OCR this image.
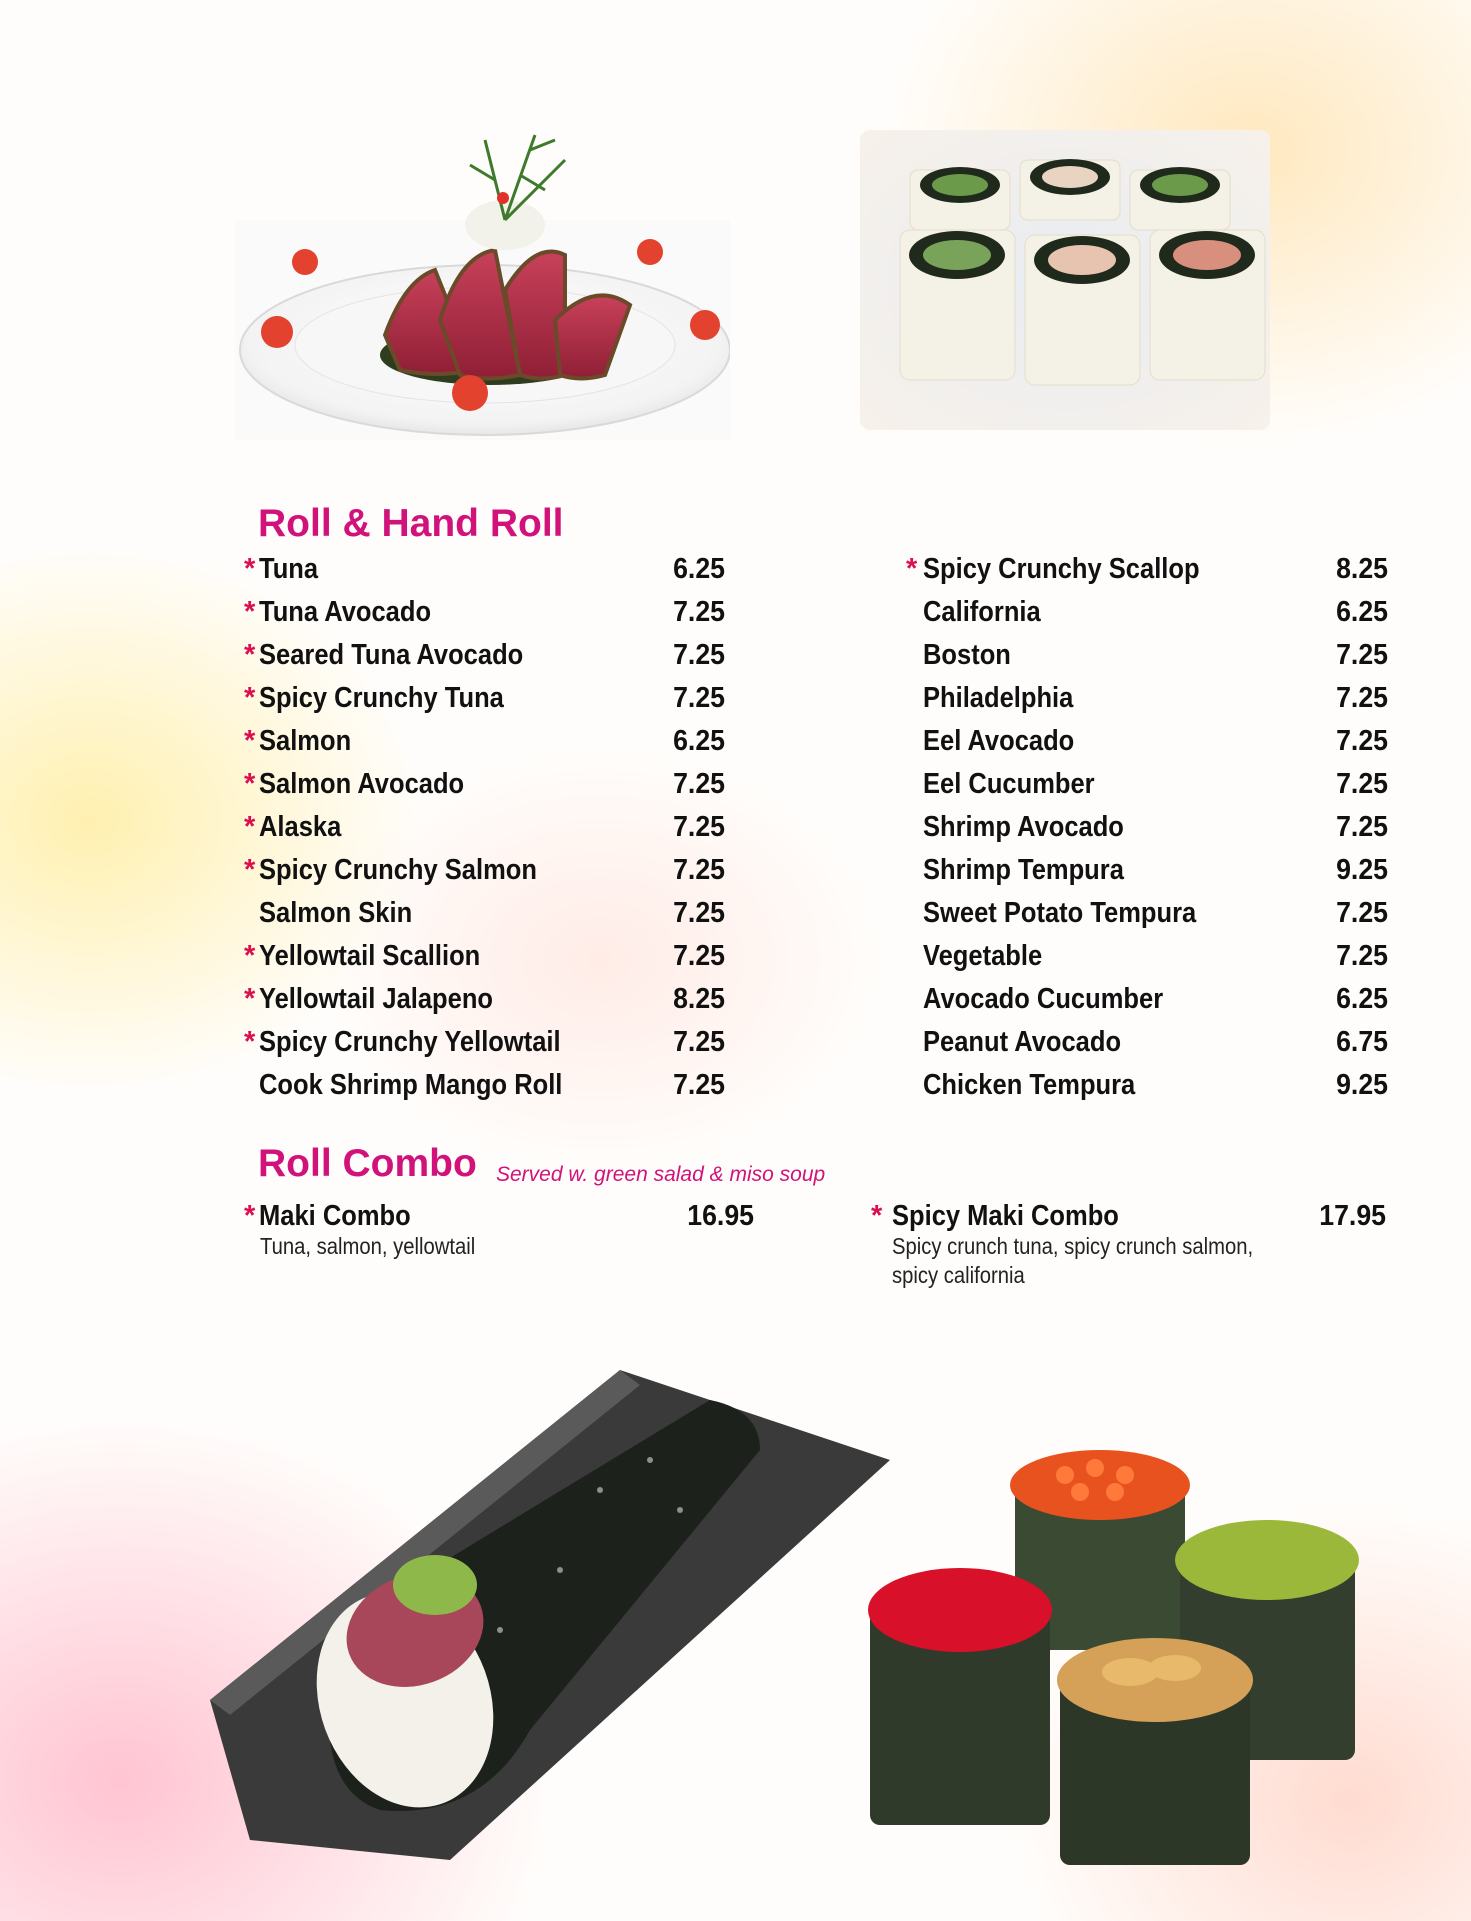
Roll & Hand Roll
* Tuna	6.25
* Tuna Avocado	7.25
* Seared Tuna Avocado	7.25
* Spicy Crunchy Tuna	7.25
* Salmon	6.25
* Salmon Avocado	7.25
* Alaska	7.25
* Spicy Crunchy Salmon	7.25
Salmon Skin	7.25
* Yellowtail Scallion	7.25
* Yellowtail Jalapeno	8.25
* Spicy Crunchy Yellowtail	7.25
Cook Shrimp Mango Roll	7.25
* Spicy Crunchy Scallop	8.25
California	6.25
Boston	7.25
Philadelphia	7.25
Eel Avocado	7.25
Eel Cucumber	7.25
Shrimp Avocado	7.25
Shrimp Tempura	9.25
Sweet Potato Tempura	7.25
Vegetable	7.25
Avocado Cucumber	6.25
Peanut Avocado	6.75
Chicken Tempura	9.25
Roll Combo Served w. green salad & miso soup
* Maki Combo	16.95
Tuna, salmon, yellowtail
* Spicy Maki Combo	17.95
Spicy crunch tuna, spicy crunch salmon,
spicy california
